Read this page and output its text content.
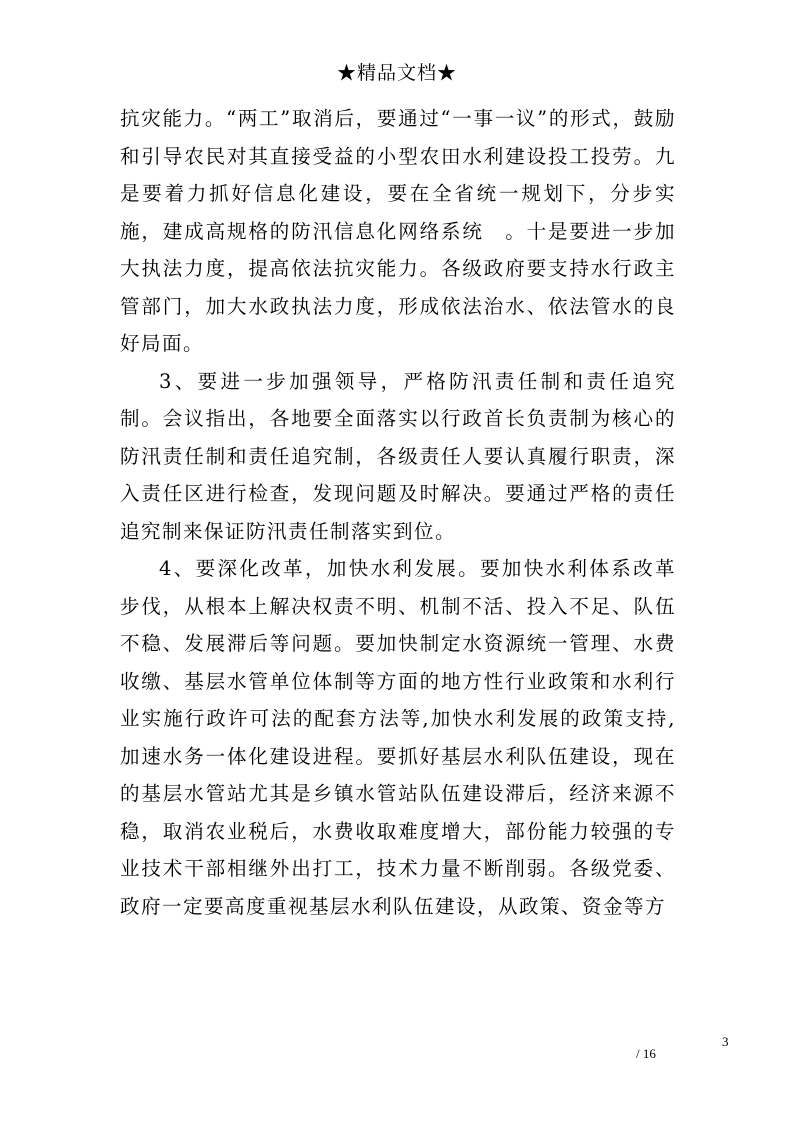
★精品文档★

抗灾能力。“两工”取消后，要通过“一事一议”的形式，鼓励和引导农民对其直接受益的小型农田水利建设投工投劳。九是要着力抓好信息化建设，要在全省统一规划下，分步实施，建成高规格的防汛信息化网络系统　。十是要进一步加大执法力度，提高依法抗灾能力。各级政府要支持水行政主管部门，加大水政执法力度，形成依法治水、依法管水的良好局面。

3、要进一步加强领导，严格防汛责任制和责任追究制。会议指出，各地要全面落实以行政首长负责制为核心的防汛责任制和责任追究制，各级责任人要认真履行职责，深入责任区进行检查，发现问题及时解决。要通过严格的责任追究制来保证防汛责任制落实到位。

4、要深化改革，加快水利发展。要加快水利体系改革步伐，从根本上解决权责不明、机制不活、投入不足、队伍不稳、发展滞后等问题。要加快制定水资源统一管理、水费收缴、基层水管单位体制等方面的地方性行业政策和水利行业实施行政许可法的配套方法等,加快水利发展的政策支持,加速水务一体化建设进程。要抓好基层水利队伍建设，现在的基层水管站尤其是乡镇水管站队伍建设滞后，经济来源不稳，取消农业税后，水费收取难度增大，部份能力较强的专业技术干部相继外出打工，技术力量不断削弱。各级党委、政府一定要高度重视基层水利队伍建设，从政策、资金等方

3
/ 16
